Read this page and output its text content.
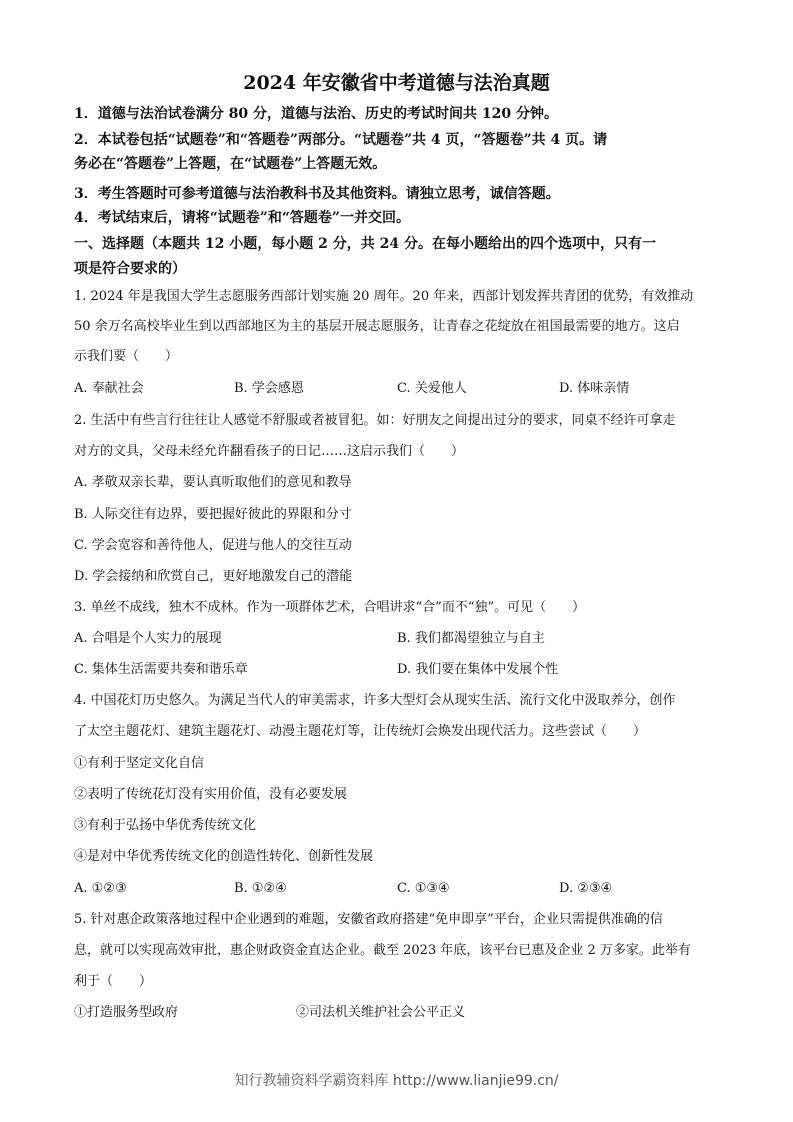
2024 年安徽省中考道德与法治真题
1．道德与法治试卷满分 80 分，道德与法治、历史的考试时间共 120 分钟。
2．本试卷包括“试题卷”和“答题卷”两部分。“试题卷”共 4 页，“答题卷”共 4 页。请
务必在“答题卷”上答题，在“试题卷”上答题无效。
3．考生答题时可参考道德与法治教科书及其他资料。请独立思考，诚信答题。
4．考试结束后，请将“试题卷”和“答题卷”一并交回。
一、选择题（本题共 12 小题，每小题 2 分，共 24 分。在每小题给出的四个选项中，只有一
项是符合要求的）
1. 2024 年是我国大学生志愿服务西部计划实施 20 周年。20 年来，西部计划发挥共青团的优势，有效推动
50 余万名高校毕业生到以西部地区为主的基层开展志愿服务，让青春之花绽放在祖国最需要的地方。这启
示我们要（　　）
A. 奉献社会	B. 学会感恩	C. 关爱他人	D. 体味亲情
2. 生活中有些言行往往让人感觉不舒服或者被冒犯。如：好朋友之间提出过分的要求，同桌不经许可拿走
对方的文具，父母未经允许翻看孩子的日记……这启示我们（　　）
A. 孝敬双亲长辈，要认真听取他们的意见和教导
B. 人际交往有边界，要把握好彼此的界限和分寸
C. 学会宽容和善待他人，促进与他人的交往互动
D. 学会接纳和欣赏自己，更好地激发自己的潜能
3. 单丝不成线，独木不成林。作为一项群体艺术，合唱讲求“合”而不“独”。可见（　　）
A. 合唱是个人实力的展现	B. 我们都渴望独立与自主
C. 集体生活需要共奏和谐乐章	D. 我们要在集体中发展个性
4. 中国花灯历史悠久。为满足当代人的审美需求，许多大型灯会从现实生活、流行文化中汲取养分，创作
了太空主题花灯、建筑主题花灯、动漫主题花灯等，让传统灯会焕发出现代活力。这些尝试（　　）
①有利于坚定文化自信
②表明了传统花灯没有实用价值，没有必要发展
③有利于弘扬中华优秀传统文化
④是对中华优秀传统文化的创造性转化、创新性发展
A. ①②③	B. ①②④	C. ①③④	D. ②③④
5. 针对惠企政策落地过程中企业遇到的难题，安徽省政府搭建“免申即享”平台，企业只需提供准确的信
息，就可以实现高效审批，惠企财政资金直达企业。截至 2023 年底，该平台已惠及企业 2 万多家。此举有
利于（　　）
①打造服务型政府	②司法机关维护社会公平正义
知行教辅资料学霸资料库 http://www.lianjie99.cn/
